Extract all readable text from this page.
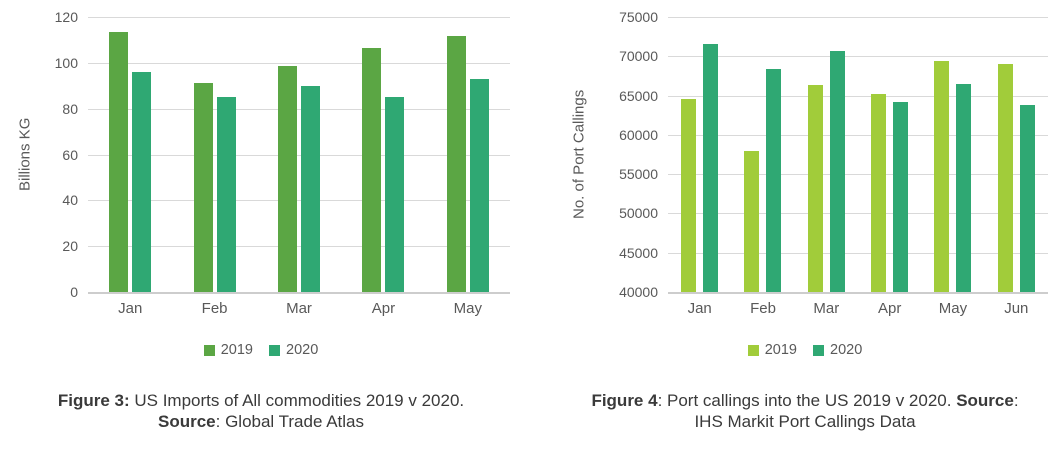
Billions KG
120
100
80
60
40
20
0
Jan	Feb	Mar	Apr	May
2019 2020
Figure 3: US Imports of All commodities 2019 v 2020.
Source: Global Trade Atlas
No. of Port Callings
75000
70000
65000
60000
55000
50000
45000
40000
Jan	Feb	Mar	Apr	May	Jun
2019 2020
Figure 4: Port callings into the US 2019 v 2020. Source:
IHS Markit Port Callings Data
